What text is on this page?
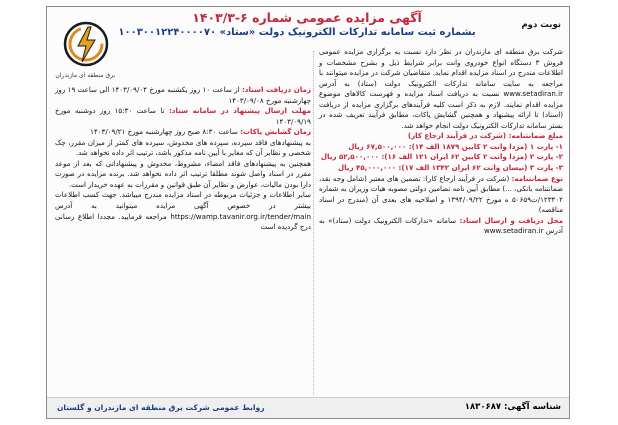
آگهی مزایده عمومی شماره ۶-۱۴۰۳/۳
بشماره ثبت سامانه تدارکات الکترونیک دولت «ستاد» ۱۰۰۳۰۰۱۲۲۴۰۰۰۰۷۰
نوبت دوم
برق منطقه ای مازندران

شرکت برق منطقه ای مازندران در نظر دارد نسبت به برگزاری مزایده عمومی فروش ۳ دستگاه انواع خودروی وانت برابر شرایط ذیل و بشرح مشخصات و اطلاعات مندرج در اسناد مزایده اقدام نماید. متقاضیان شرکت در مزایده میتوانند با مراجعه به سایت سامانه تدارکات الکترونیک دولت (ستاد) به آدرس www.setadiran.ir نسبت به دریافت اسناد مزایده و فهرست کالاهای موضوع مزایده اقدام نمایند. لازم به ذکر است کلیه فرآیندهای برگزاری مزایده از دریافت (اسناد) تا ارائه پیشنهاد و همچنین گشایش پاکات، مطابق فرآیند تعریف شده در بستر سامانه تدارکات الکترونیک دولت انجام خواهد شد.

مبلغ ضمانتنامه: (شرکت در فرآیند ارجاع کار)

۱- پارت ۱ (مزدا وانت ۲ کابین ۱۸۷۹ الف ۱۴): ۶۷,۵۰۰,۰۰۰ ریال

۲- پارت ۲ (مزدا وانت ۲ کابین ۶۲ ایران ۱۲۱ الف ۱۶): ۵۲,۵۰۰,۰۰۰ ریال

۳- پارت ۳ (نیسان وانت ۶۲ ایران ۱۳۴۲ الف ۱۷): ۴۵,۰۰۰,۰۰۰ ریال

نوع ضمانتنامه: (شرکت در فرآیند ارجاع کار): تضمین های معتبر (شامل وجه نقد، ضمانتنامه بانکی، ...) مطابق آیین نامه تضامین دولتی مصوبه هیات وزیران به شماره ۱۲۳۴۰۲/ت۵۰۶۵۹ ه مورخ ۱۳۹۴/۰۹/۲۲ و اصلاحیه های بعدی آن (مندرج در اسناد مناقصه)

محل دریافت و ارسال اسناد: سامانه «تدارکات الکترونیک دولت (ستاد)» به آدرس www.setadiran.ir

زمان دریافت اسناد: از ساعت ۱۰ روز یکشنبه مورخ ۱۴۰۳/۰۹/۰۴ الی ساعت ۱۹ روز چهارشنبه مورخ ۱۴۰۳/۰۹/۰۸

مهلت ارسال پیشنهاد در سامانه ستاد: تا ساعت ۱۵:۳۰ روز دوشنبه مورخ ۱۴۰۳/۰۹/۱۹

زمان گشایش پاکات: ساعت ۸:۳۰ صبح روز چهارشنبه مورخ ۱۴۰۳/۰۹/۲۱

به پیشنهادهای فاقد سپرده، سپرده های مخدوش، سپرده های کمتر از میزان مقرر، چک شخصی و نظایر آن که مغایر با آیین نامه مذکور باشد، ترتیب اثر داده نخواهد شد.

همچنین به پیشنهادهای فاقد امضاء، مشروط، مخدوش و پیشنهاداتی که بعد از موعد مقرر در اسناد واصل شوند مطلقا ترتیب اثر داده نخواهد شد. برنده مزایده در صورت دارا بودن مالیات، عوارض و نظایر آن طبق قوانین و مقررات به عهده خریدار است.

سایر اطلاعات و جزئیات مربوطه در اسناد مزایده مندرج میباشد. جهت کسب اطلاعات بیشتر در خصوص آگهی مزایده میتوانید به آدرس https://wamp.tavanir.org.ir/tender/main مراجعه فرمایید. مجددا اطلاع رسانی درج گردیده است

شناسه آگهی: ۱۸۳۰۶۸۷
روابط عمومی شرکت برق منطقه ای مازندران و گلستان
